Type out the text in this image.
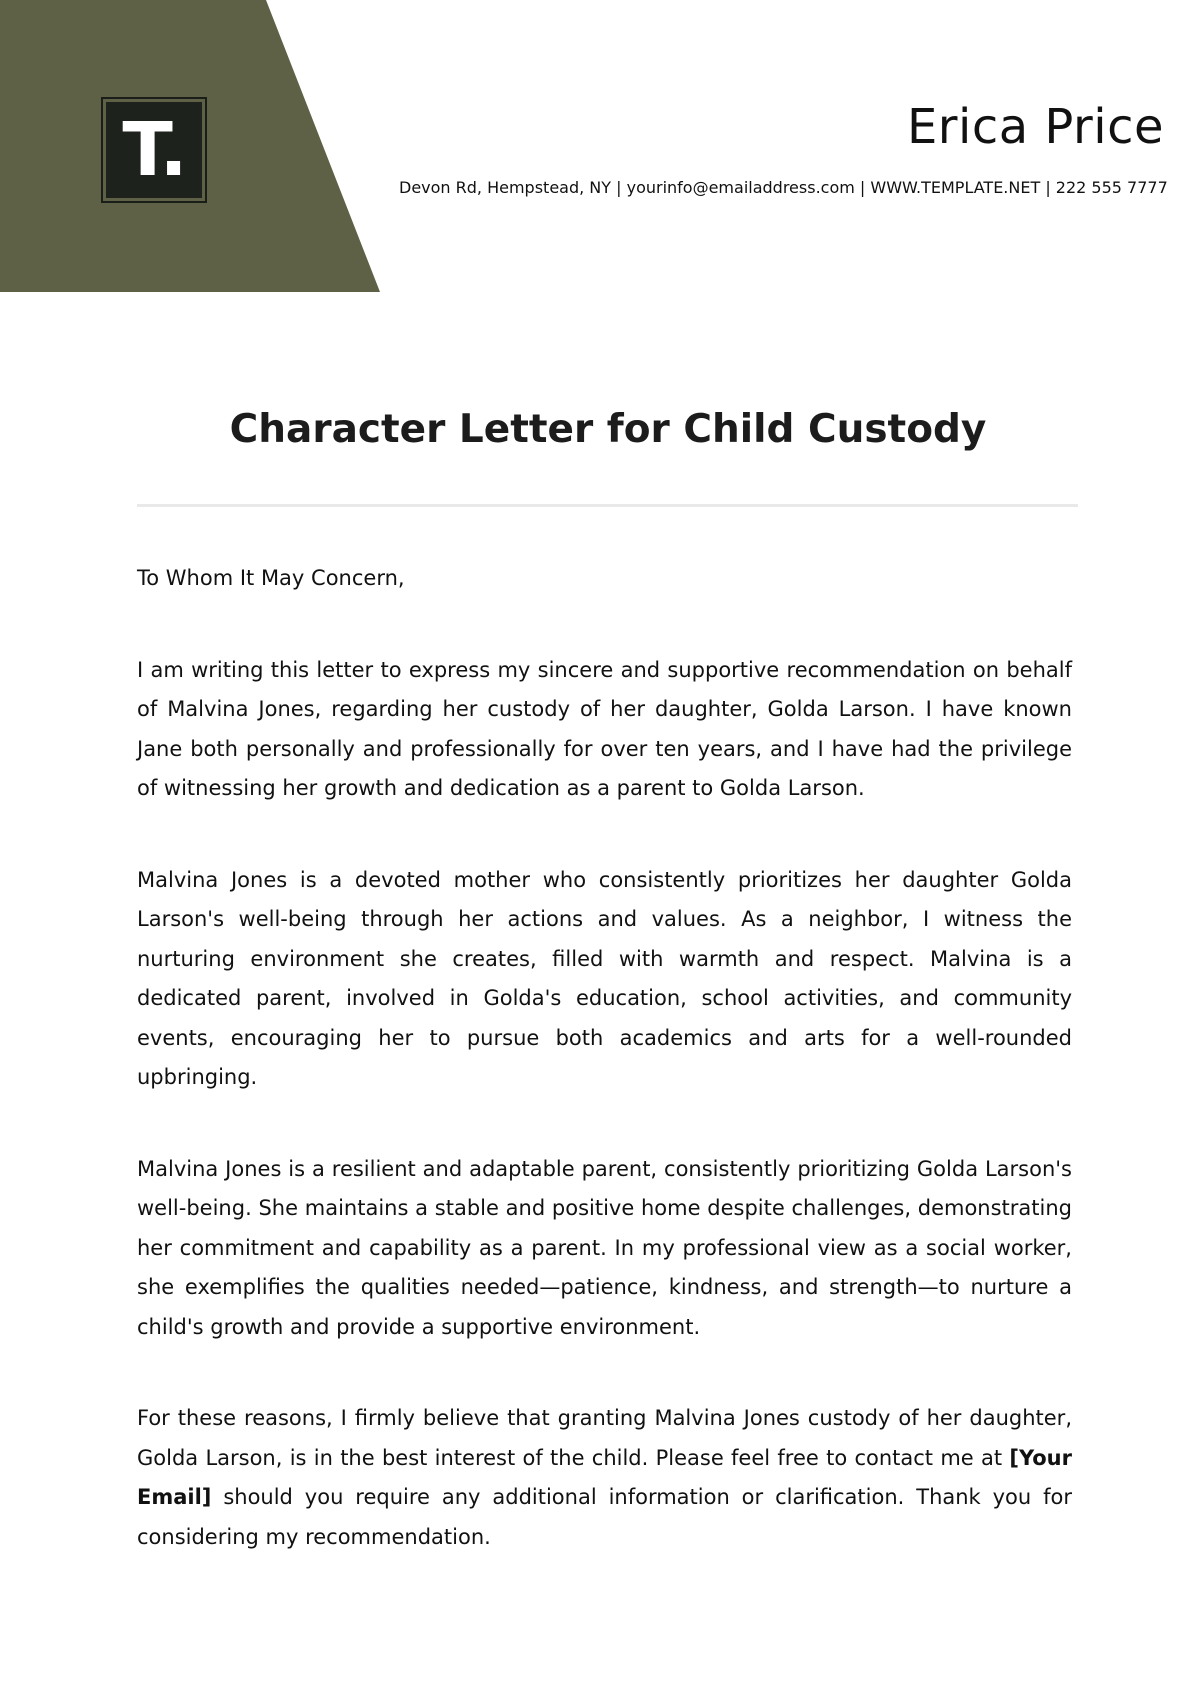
T.	Erica Price
Devon Rd, Hempstead, NY | yourinfo@emailaddress.com | WWW.TEMPLATE.NET | 222 555 7777
Character Letter for Child Custody

To Whom It May Concern,

I am writing this letter to express my sincere and supportive recommendation on behalf of Malvina Jones, regarding her custody of her daughter, Golda Larson. I have known Jane both personally and professionally for over ten years, and I have had the privilege of witnessing her growth and dedication as a parent to Golda Larson.

Malvina Jones is a devoted mother who consistently prioritizes her daughter Golda Larson's well-being through her actions and values. As a neighbor, I witness the nurturing environment she creates, filled with warmth and respect. Malvina is a dedicated parent, involved in Golda's education, school activities, and community events, encouraging her to pursue both academics and arts for a well-rounded upbringing.

Malvina Jones is a resilient and adaptable parent, consistently prioritizing Golda Larson's well-being. She maintains a stable and positive home despite challenges, demonstrating her commitment and capability as a parent. In my professional view as a social worker, she exemplifies the qualities needed—patience, kindness, and strength—to nurture a child's growth and provide a supportive environment.

For these reasons, I firmly believe that granting Malvina Jones custody of her daughter, Golda Larson, is in the best interest of the child. Please feel free to contact me at [Your Email] should you require any additional information or clarification. Thank you for considering my recommendation.
